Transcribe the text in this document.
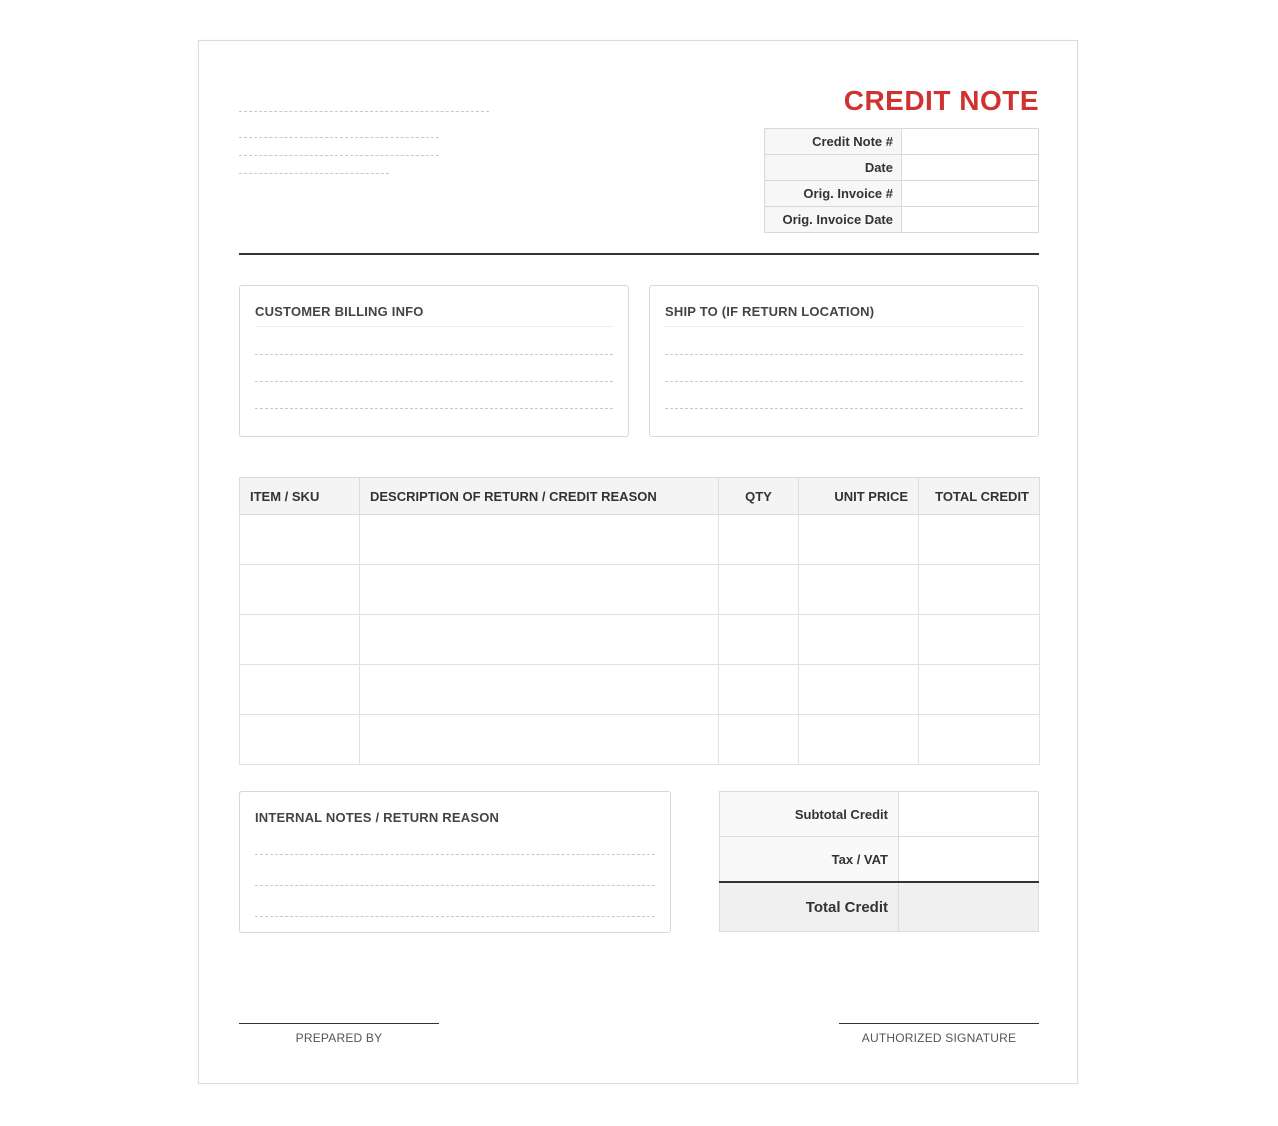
CREDIT NOTE
Credit Note #	
Date	
Orig. Invoice #	
Orig. Invoice Date	
CUSTOMER BILLING INFO	SHIP TO (IF RETURN LOCATION)
ITEM / SKU	DESCRIPTION OF RETURN / CREDIT REASON	QTY	UNIT PRICE	TOTAL CREDIT

INTERNAL NOTES / RETURN REASON	Subtotal Credit	
Tax / VAT	
Total Credit	
PREPARED BY	AUTHORIZED SIGNATURE
